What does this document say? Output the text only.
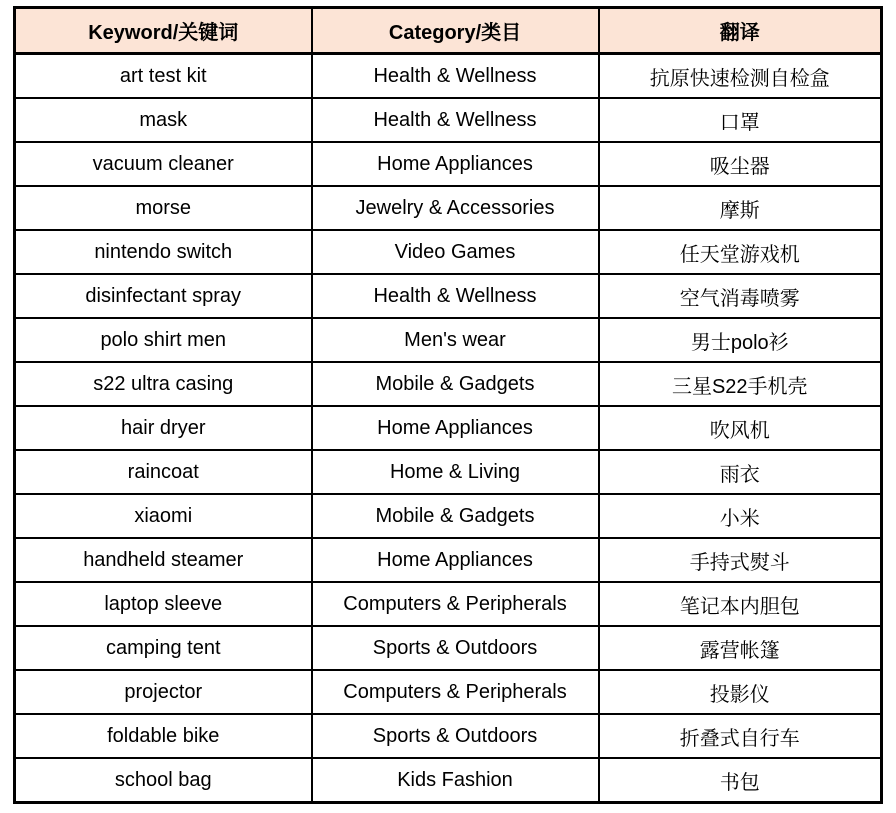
Keyword/关键词	Category/类目	翻译
art test kit	Health & Wellness	抗原快速检测自检盒
mask	Health & Wellness	口罩
vacuum cleaner	Home Appliances	吸尘器
morse	Jewelry & Accessories	摩斯
nintendo switch	Video Games	任天堂游戏机
disinfectant spray	Health & Wellness	空气消毒喷雾
polo shirt men	Men's wear	男士polo衫
s22 ultra casing	Mobile & Gadgets	三星S22手机壳
hair dryer	Home Appliances	吹风机
raincoat	Home & Living	雨衣
xiaomi	Mobile & Gadgets	小米
handheld steamer	Home Appliances	手持式熨斗
laptop sleeve	Computers & Peripherals	笔记本内胆包
camping tent	Sports & Outdoors	露营帐篷
projector	Computers & Peripherals	投影仪
foldable bike	Sports & Outdoors	折叠式自行车
school bag	Kids Fashion	书包
